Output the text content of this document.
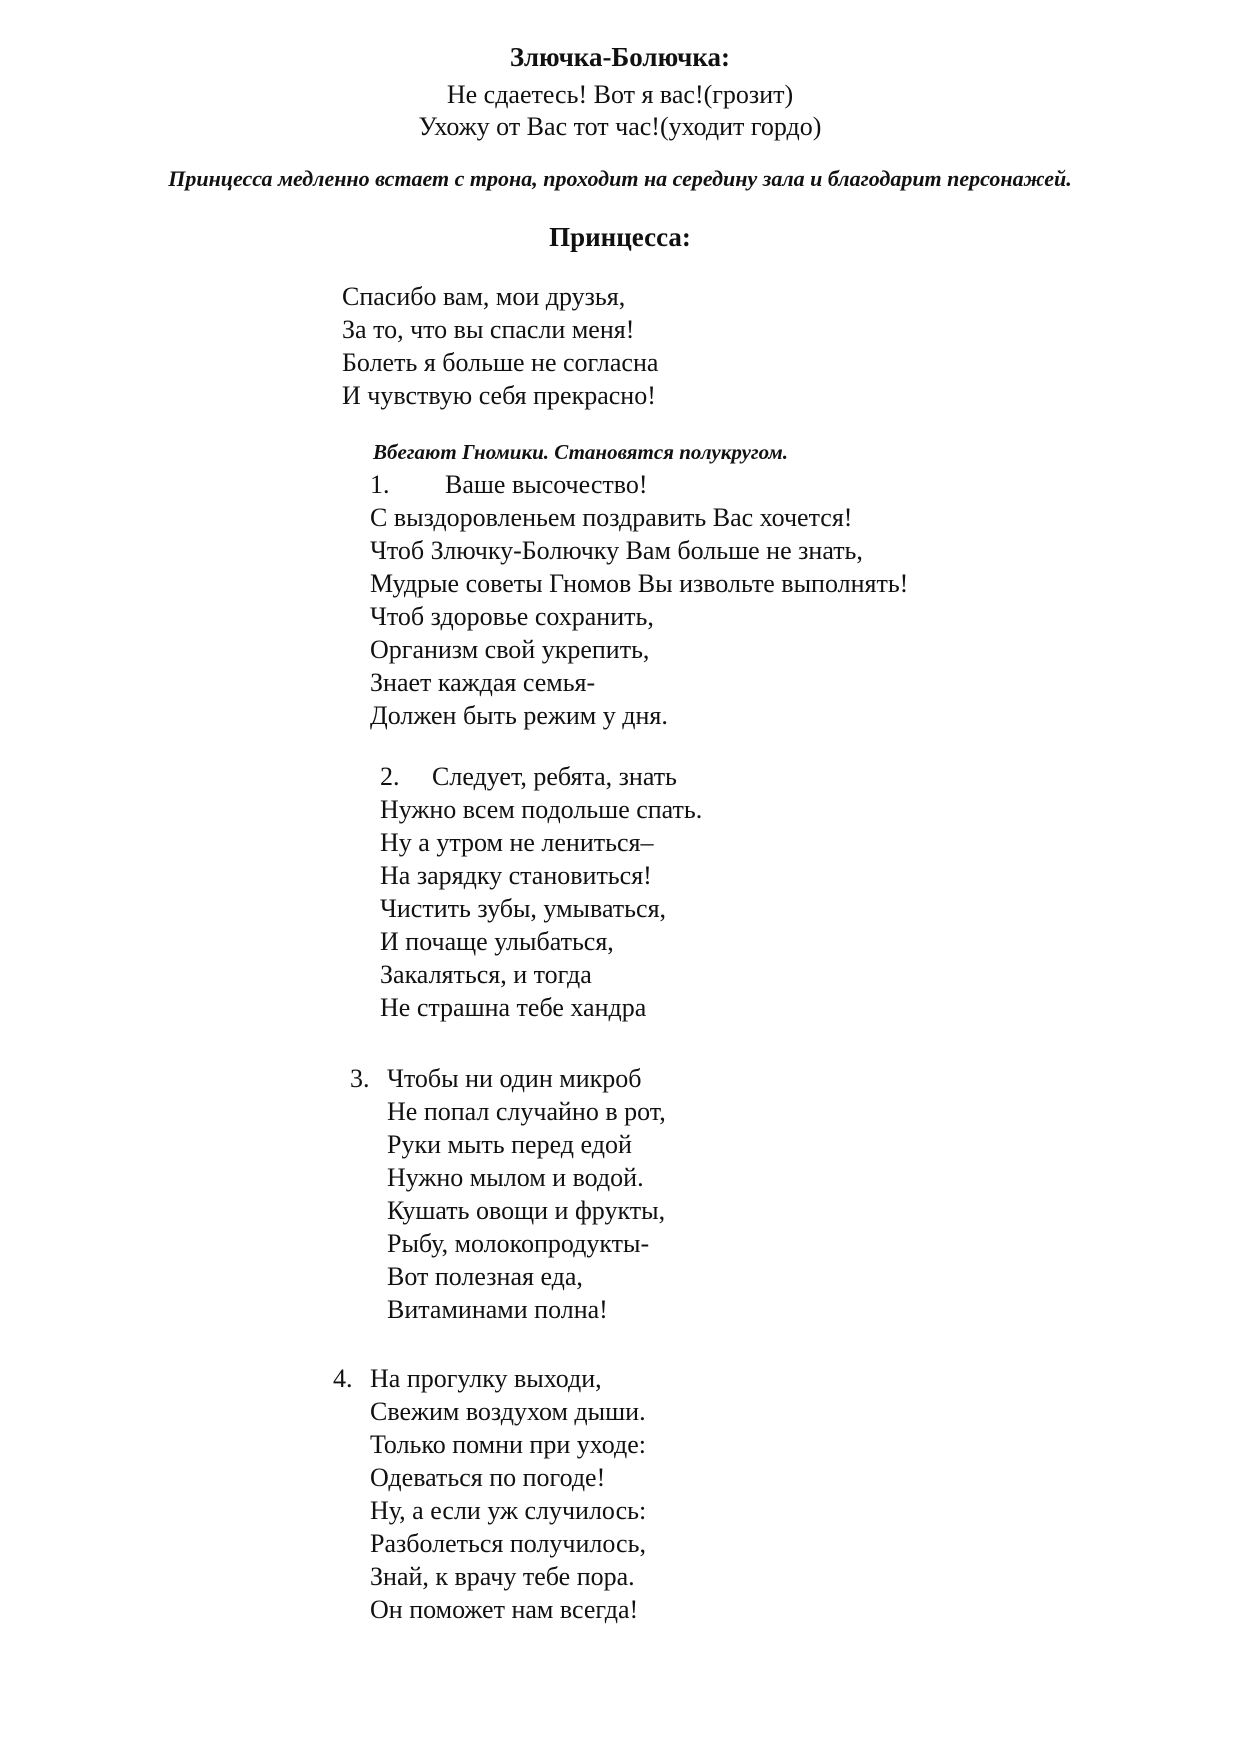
Злючка-Болючка:
Не сдаетесь! Вот я вас!(грозит)
Ухожу от Вас тот час!(уходит гордо)
Принцесса медленно встает с трона, проходит на середину зала и благодарит персонажей.
Принцесса:
Спасибо вам, мои друзья,
За то, что вы спасли меня!
Болеть я больше не согласна
И чувствую себя прекрасно!
Вбегают Гномики. Становятся полукругом.
1. Ваше высочество!
С выздоровленьем поздравить Вас хочется!
Чтоб Злючку-Болючку Вам больше не знать,
Мудрые советы Гномов Вы извольте выполнять!
Чтоб здоровье сохранить,
Организм свой укрепить,
Знает каждая семья-
Должен быть режим у дня.
2. Следует, ребята, знать
Нужно всем подольше спать.
Ну а утром не лениться–
На зарядку становиться!
Чистить зубы, умываться,
И почаще улыбаться,
Закаляться, и тогда
Не страшна тебе хандра
3. Чтобы ни один микроб
Не попал случайно в рот,
Руки мыть перед едой
Нужно мылом и водой.
Кушать овощи и фрукты,
Рыбу, молокопродукты-
Вот полезная еда,
Витаминами полна!
4. На прогулку выходи,
Свежим воздухом дыши.
Только помни при уходе:
Одеваться по погоде!
Ну, а если уж случилось:
Разболеться получилось,
Знай, к врачу тебе пора.
Он поможет нам всегда!
